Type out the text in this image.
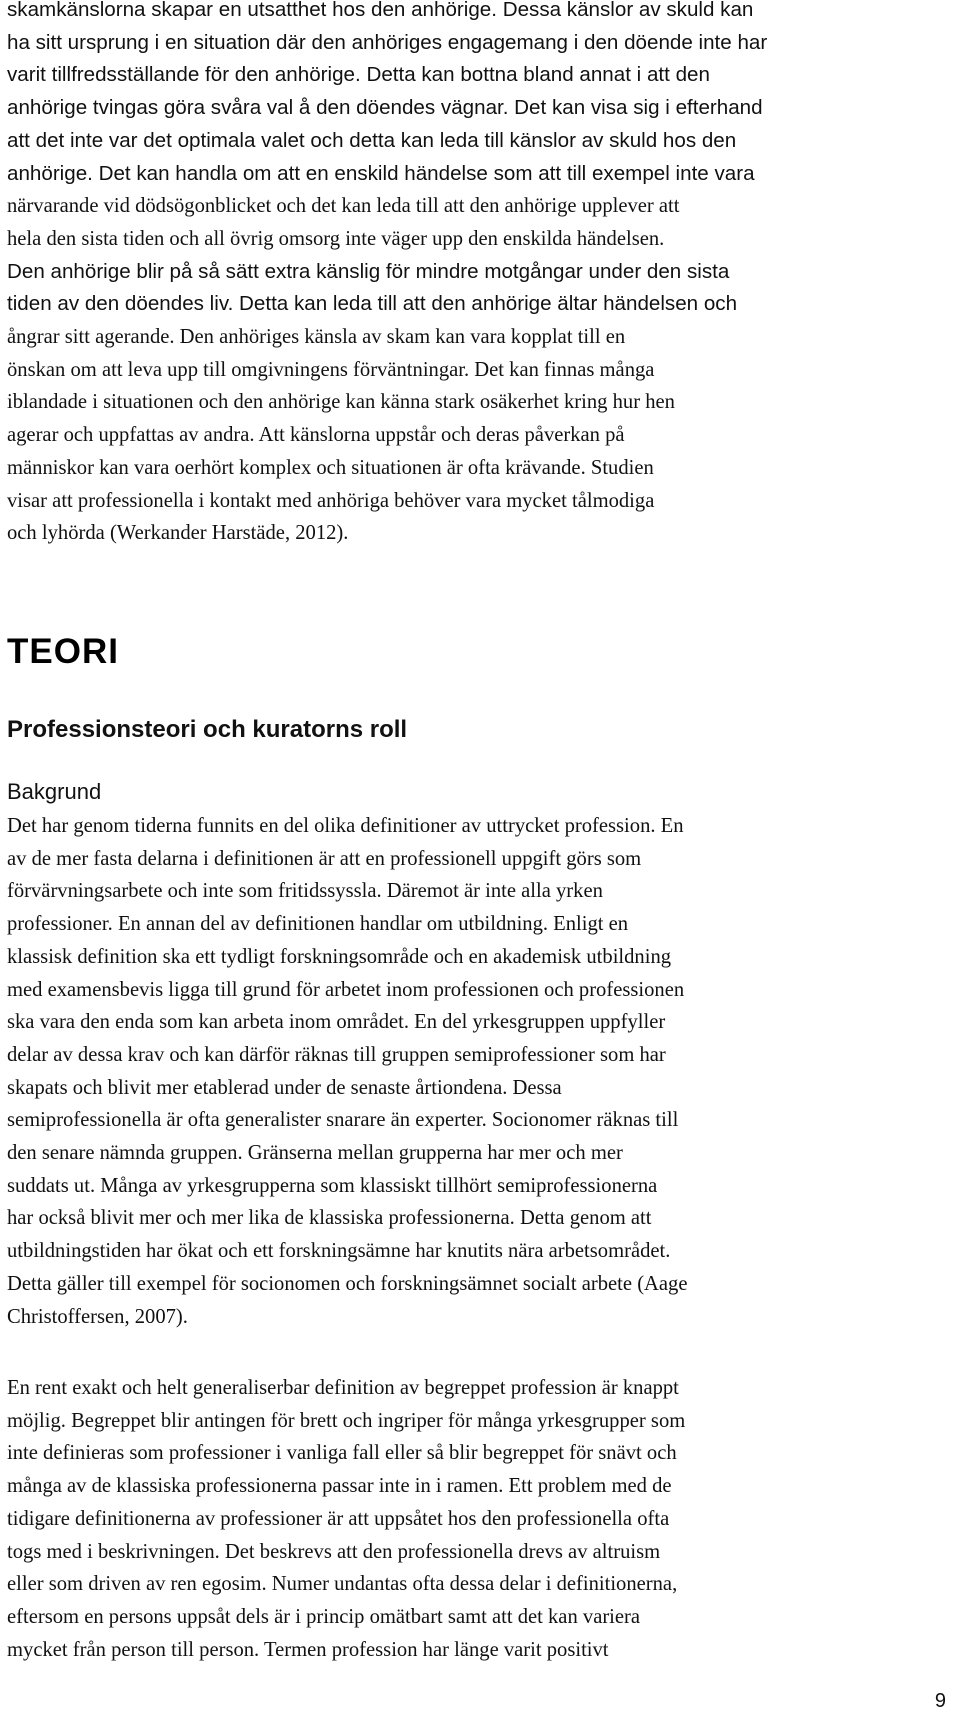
skamkänslorna skapar en utsatthet hos den anhörige. Dessa känslor av skuld kan
ha sitt ursprung i en situation där den anhöriges engagemang i den döende inte har
varit tillfredsställande för den anhörige. Detta kan bottna bland annat i att den
anhörige tvingas göra svåra val å den döendes vägnar. Det kan visa sig i efterhand
att det inte var det optimala valet och detta kan leda till känslor av skuld hos den
anhörige. Det kan handla om att en enskild händelse som att till exempel inte vara
närvarande vid dödsögonblicket och det kan leda till att den anhörige upplever att
hela den sista tiden och all övrig omsorg inte väger upp den enskilda händelsen.
Den anhörige blir på så sätt extra känslig för mindre motgångar under den sista
tiden av den döendes liv. Detta kan leda till att den anhörige ältar händelsen och
ångrar sitt agerande. Den anhöriges känsla av skam kan vara kopplat till en
önskan om att leva upp till omgivningens förväntningar. Det kan finnas många
iblandade i situationen och den anhörige kan känna stark osäkerhet kring hur hen
agerar och uppfattas av andra. Att känslorna uppstår och deras påverkan på
människor kan vara oerhört komplex och situationen är ofta krävande. Studien
visar att professionella i kontakt med anhöriga behöver vara mycket tålmodiga
och lyhörda (Werkander Harstäde, 2012).
TEORI
Professionsteori och kuratorns roll
Bakgrund
Det har genom tiderna funnits en del olika definitioner av uttrycket profession. En
av de mer fasta delarna i definitionen är att en professionell uppgift görs som
förvärvningsarbete och inte som fritidssysslа. Däremot är inte alla yrken
professioner. En annan del av definitionen handlar om utbildning. Enligt en
klassisk definition ska ett tydligt forskningsområde och en akademisk utbildning
med examensbevis ligga till grund för arbetet inom professionen och professionen
ska vara den enda som kan arbeta inom området. En del yrkesgruppen uppfyller
delar av dessa krav och kan därför räknas till gruppen semiprofessioner som har
skapats och blivit mer etablerad under de senaste årtiondena. Dessa
semiprofessionella är ofta generalister snarare än experter. Socionomer räknas till
den senare nämnda gruppen. Gränserna mellan grupperna har mer och mer
suddats ut. Många av yrkesgrupperna som klassiskt tillhört semiprofessionerna
har också blivit mer och mer lika de klassiska professionerna. Detta genom att
utbildningstiden har ökat och ett forskningsämne har knutits nära arbetsområdet.
Detta gäller till exempel för socionomen och forskningsämnet socialt arbete (Aage
Christoffersen, 2007).
En rent exakt och helt generaliserbar definition av begreppet profession är knappt
möjlig. Begreppet blir antingen för brett och ingriper för många yrkesgrupper som
inte definieras som professioner i vanliga fall eller så blir begreppet för snävt och
många av de klassiska professionerna passar inte in i ramen. Ett problem med de
tidigare definitionerna av professioner är att uppsåtet hos den professionella ofta
togs med i beskrivningen. Det beskrevs att den professionella drevs av altruism
eller som driven av ren egosim. Numer undantas ofta dessa delar i definitionerna,
eftersom en persons uppsåt dels är i princip omätbart samt att det kan variera
mycket från person till person. Termen profession har länge varit positivt
9
